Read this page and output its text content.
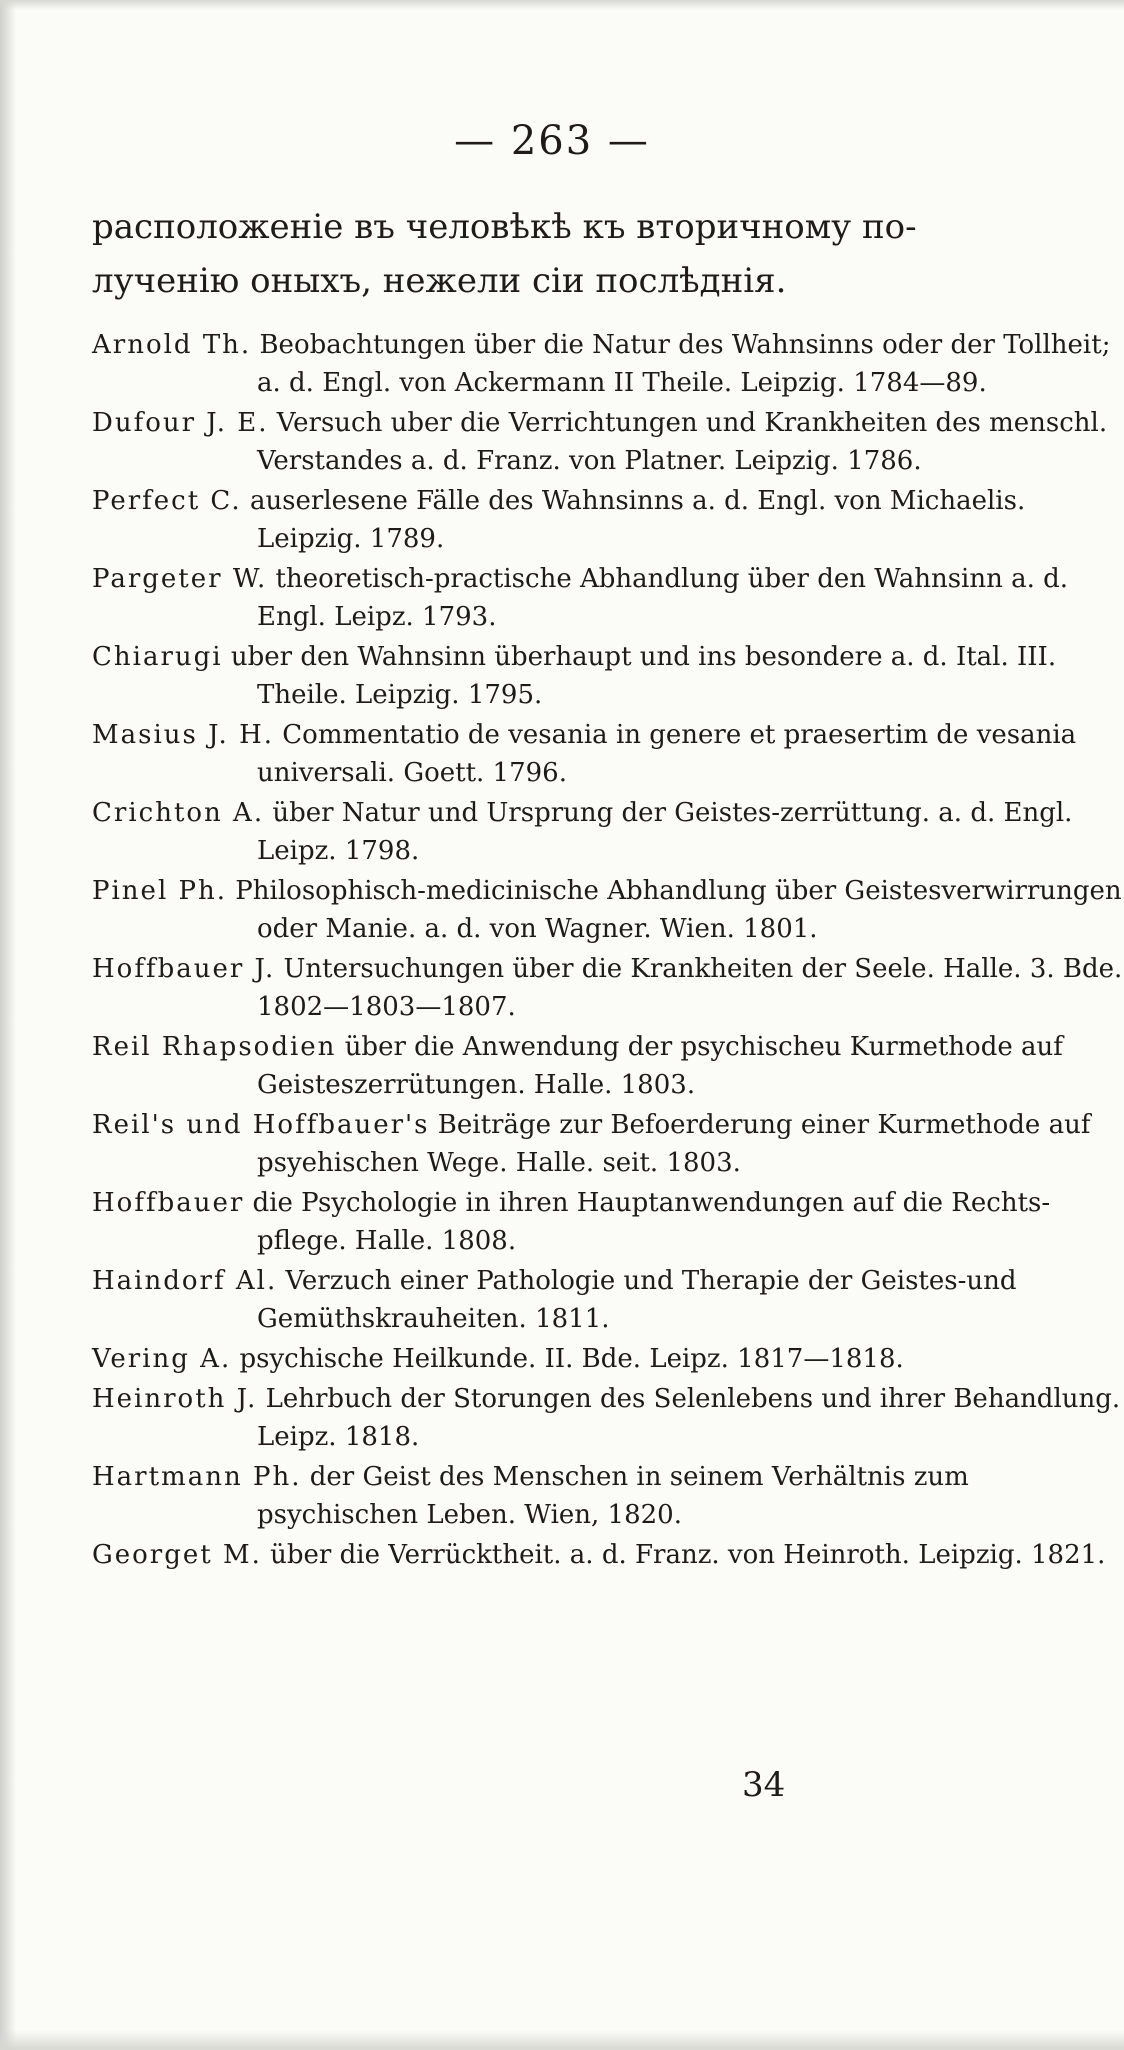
— 263 —

расположенiе въ человѣкѣ къ вторичному по-

лученiю оныхъ, нежели сiи послѣднiя.

Arnold Th. Beobachtungen über die Natur des Wahnsinns oder der Tollheit; a. d. Engl. von Ackermann II Theile. Leipzig. 1784—89.
Dufour J. E. Versuch uber die Verrichtungen und Krankheiten des menschl. Verstandes a. d. Franz. von Platner. Leipzig. 1786.
Perfect C. auserlesene Fälle des Wahnsinns a. d. Engl. von Michaelis. Leipzig. 1789.
Pargeter W. theoretisch-practische Abhandlung über den Wahnsinn a. d. Engl. Leipz. 1793.
Chiarugi uber den Wahnsinn überhaupt und ins besondere a. d. Ital. III. Theile. Leipzig. 1795.
Masius J. H. Commentatio de vesania in genere et praesertim de vesania universali. Goett. 1796.
Crichton A. über Natur und Ursprung der Geistes-zerrüttung. a. d. Engl. Leipz. 1798.
Pinel Ph. Philosophisch-medicinische Abhandlung über Geistesverwirrungen oder Manie. a. d. von Wagner. Wien. 1801.
Hoffbauer J. Untersuchungen über die Krankheiten der Seele. Halle. 3. Bde. 1802—1803—1807.
Reil Rhapsodien über die Anwendung der psychischeu Kurmethode auf Geisteszerrütungen. Halle. 1803.
Reil's und Hoffbauer's Beiträge zur Befoerderung einer Kurmethode auf psyehischen Wege. Halle. seit. 1803.
Hoffbauer die Psychologie in ihren Hauptanwendungen auf die Rechts-pflege. Halle. 1808.
Haindorf Al. Verzuch einer Pathologie und Therapie der Geistes-und Gemüthskrauheiten. 1811.
Vering A. psychische Heilkunde. II. Bde. Leipz. 1817—1818.
Heinroth J. Lehrbuch der Storungen des Selenlebens und ihrer Behandlung. Leipz. 1818.
Hartmann Ph. der Geist des Menschen in seinem Verhältnis zum psychischen Leben. Wien, 1820.
Georget M. über die Verrücktheit. a. d. Franz. von Heinroth. Leipzig. 1821.
34
